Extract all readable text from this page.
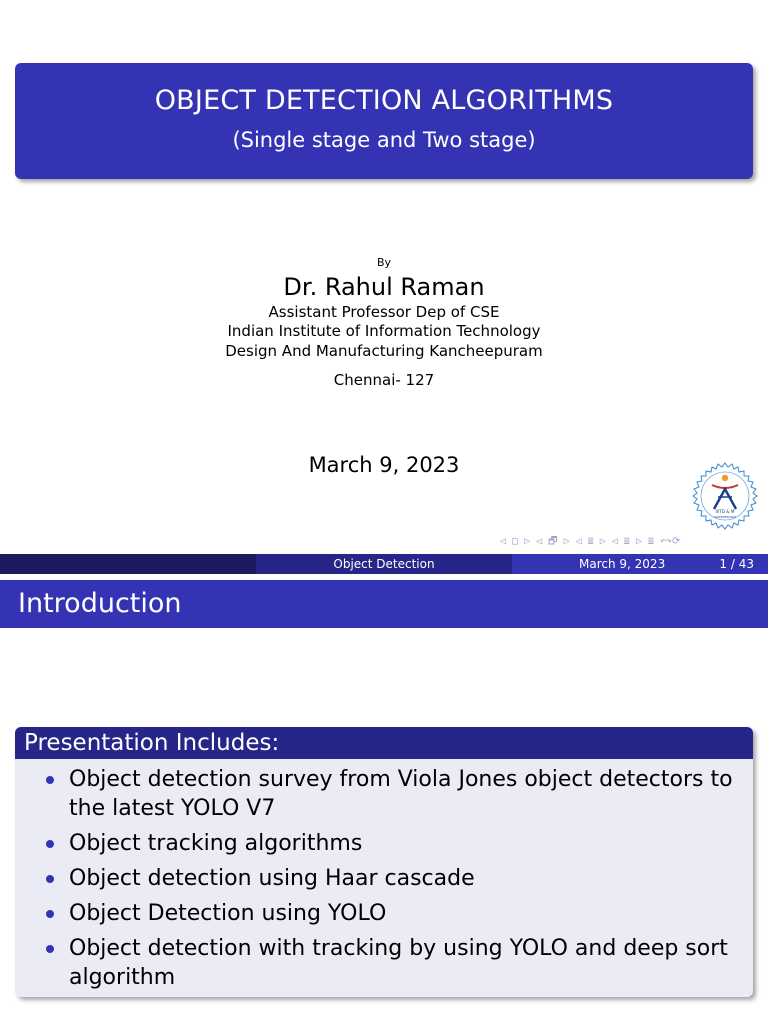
OBJECT DETECTION ALGORITHMS
(Single stage and Two stage)
By
Dr. Rahul Raman
Assistant Professor Dep of CSE
Indian Institute of Information Technology
Design And Manufacturing Kancheepuram
Chennai- 127
March 9, 2023
IIITD & M
KANCHEEPURAM
◁ □ ▷ ◁ 🗗 ▷ ◁ ≣ ▷ ◁ ≣ ▷ ≣ ↶↷⟳
Object Detection	March 9, 2023	1 / 43
Introduction
Presentation Includes:
Object detection survey from Viola Jones object detectors to the latest YOLO V7
Object tracking algorithms
Object detection using Haar cascade
Object Detection using YOLO
Object detection with tracking by using YOLO and deep sort algorithm
